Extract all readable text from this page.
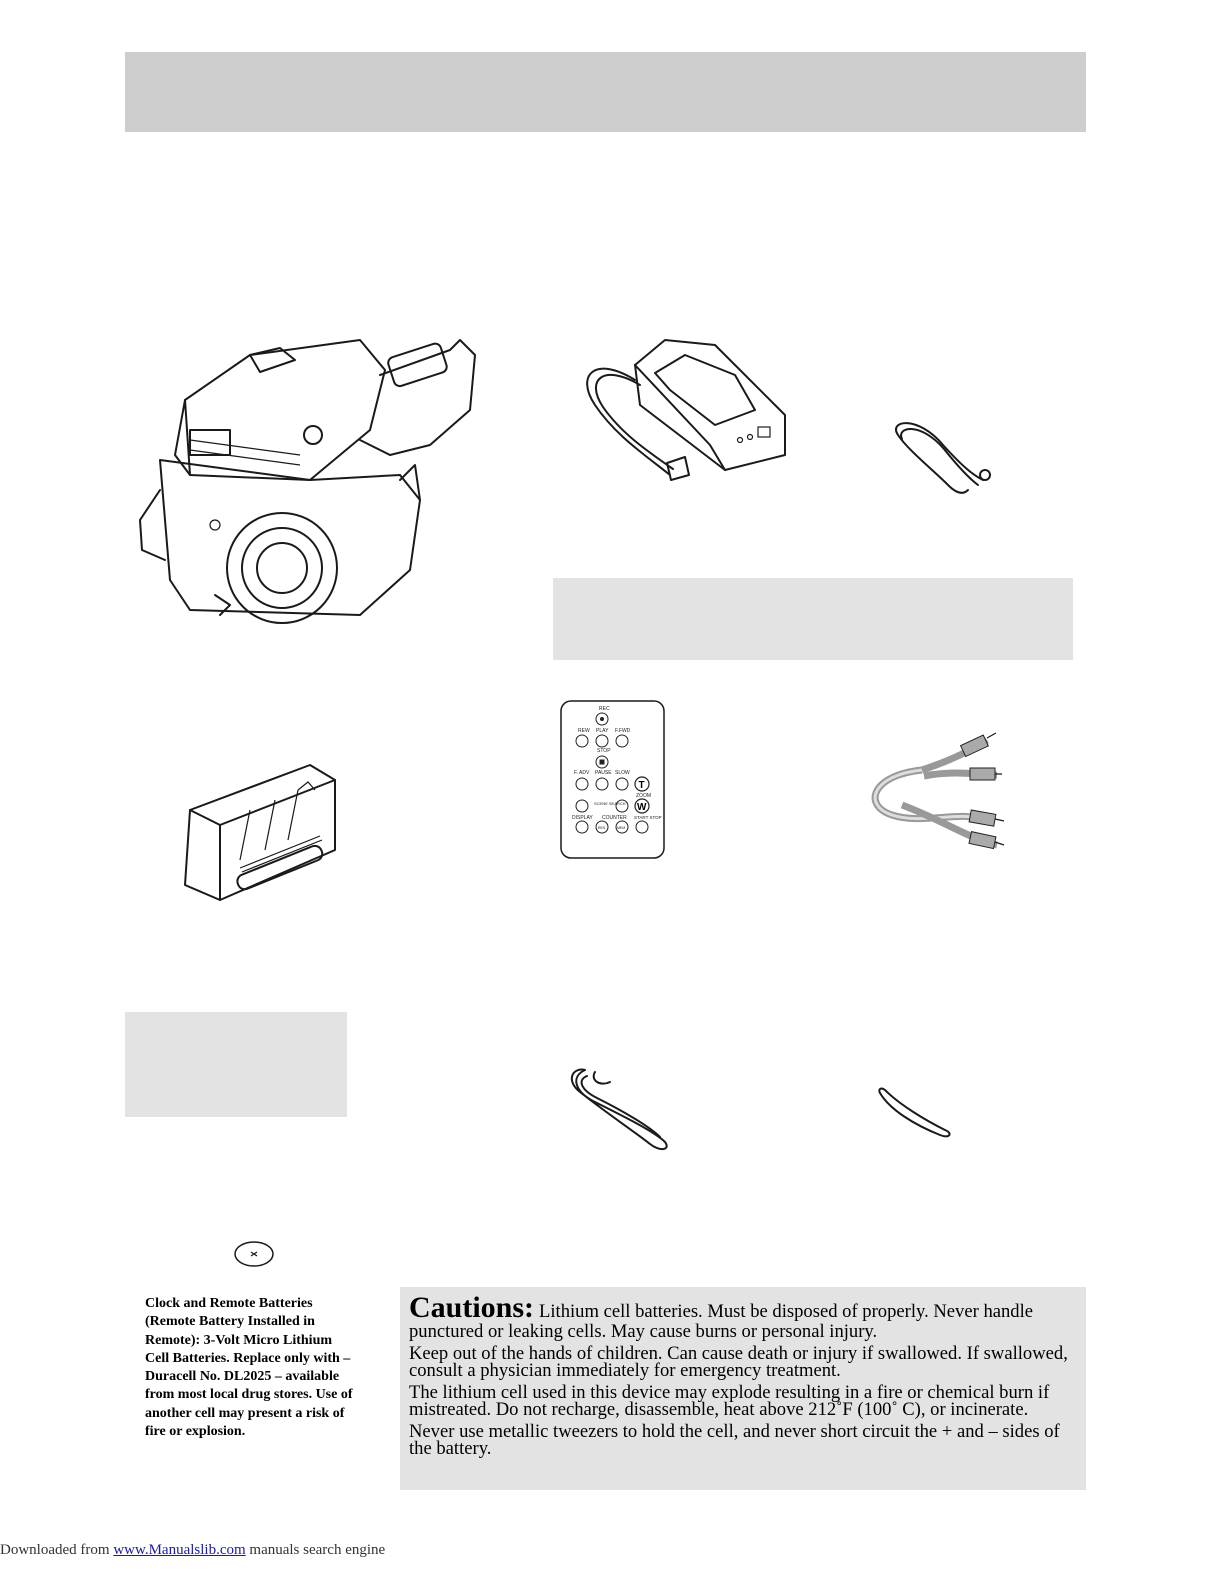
REC
REW PLAY F.FWD
STOP
F. ADV PAUSE SLOW
T
ZOOM
SCENE SEARCH W
DISPLAY COUNTER START STOP
RES	MEM
Clock and Remote Batteries (Remote Battery Installed in Remote): 3-Volt Micro Lithium Cell Batteries. Replace only with – Duracell No. DL2025 – available from most local drug stores. Use of another cell may present a risk of fire or explosion.

Cautions: Lithium cell batteries. Must be disposed of properly. Never handle punctured or leaking cells. May cause burns or personal injury.

Keep out of the hands of children. Can cause death or injury if swallowed. If swallowed, consult a physician immediately for emergency treatment.

The lithium cell used in this device may explode resulting in a fire or chemical burn if mistreated. Do not recharge, disassemble, heat above 212˚F (100˚ C), or incinerate.

Never use metallic tweezers to hold the cell, and never short circuit the + and – sides of the battery.

Downloaded from www.Manualslib.com manuals search engine
